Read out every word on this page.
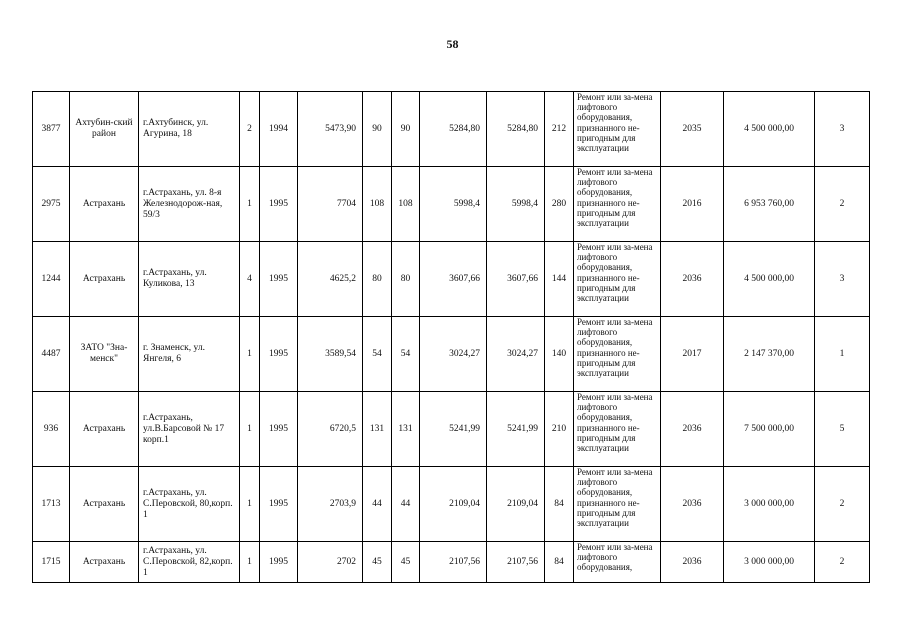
58
3877	Ахтубин-ский район	г.Ахтубинск, ул. Агурина, 18	2	1994	5473,90	90	90	5284,80	5284,80	212	Ремонт или за-мена лифтового оборудования, признанного не-пригодным для эксплуатации	2035	4 500 000,00	3
2975	Астрахань	г.Астрахань, ул. 8-я Железнодорож-ная, 59/3	1	1995	7704	108	108	5998,4	5998,4	280	Ремонт или за-мена лифтового оборудования, признанного не-пригодным для эксплуатации	2016	6 953 760,00	2
1244	Астрахань	г.Астрахань, ул. Куликова, 13	4	1995	4625,2	80	80	3607,66	3607,66	144	Ремонт или за-мена лифтового оборудования, признанного не-пригодным для эксплуатации	2036	4 500 000,00	3
4487	ЗАТО "Зна-менск"	г. Знаменск, ул. Янгеля, 6	1	1995	3589,54	54	54	3024,27	3024,27	140	Ремонт или за-мена лифтового оборудования, признанного не-пригодным для эксплуатации	2017	2 147 370,00	1
936	Астрахань	г.Астрахань, ул.В.Барсовой № 17 корп.1	1	1995	6720,5	131	131	5241,99	5241,99	210	Ремонт или за-мена лифтового оборудования, признанного не-пригодным для эксплуатации	2036	7 500 000,00	5
1713	Астрахань	г.Астрахань, ул. С.Перовской, 80,корп. 1	1	1995	2703,9	44	44	2109,04	2109,04	84	Ремонт или за-мена лифтового оборудования, признанного не-пригодным для эксплуатации	2036	3 000 000,00	2
1715	Астрахань	г.Астрахань, ул. С.Перовской, 82,корп. 1	1	1995	2702	45	45	2107,56	2107,56	84	Ремонт или за-мена лифтового оборудования,	2036	3 000 000,00	2
